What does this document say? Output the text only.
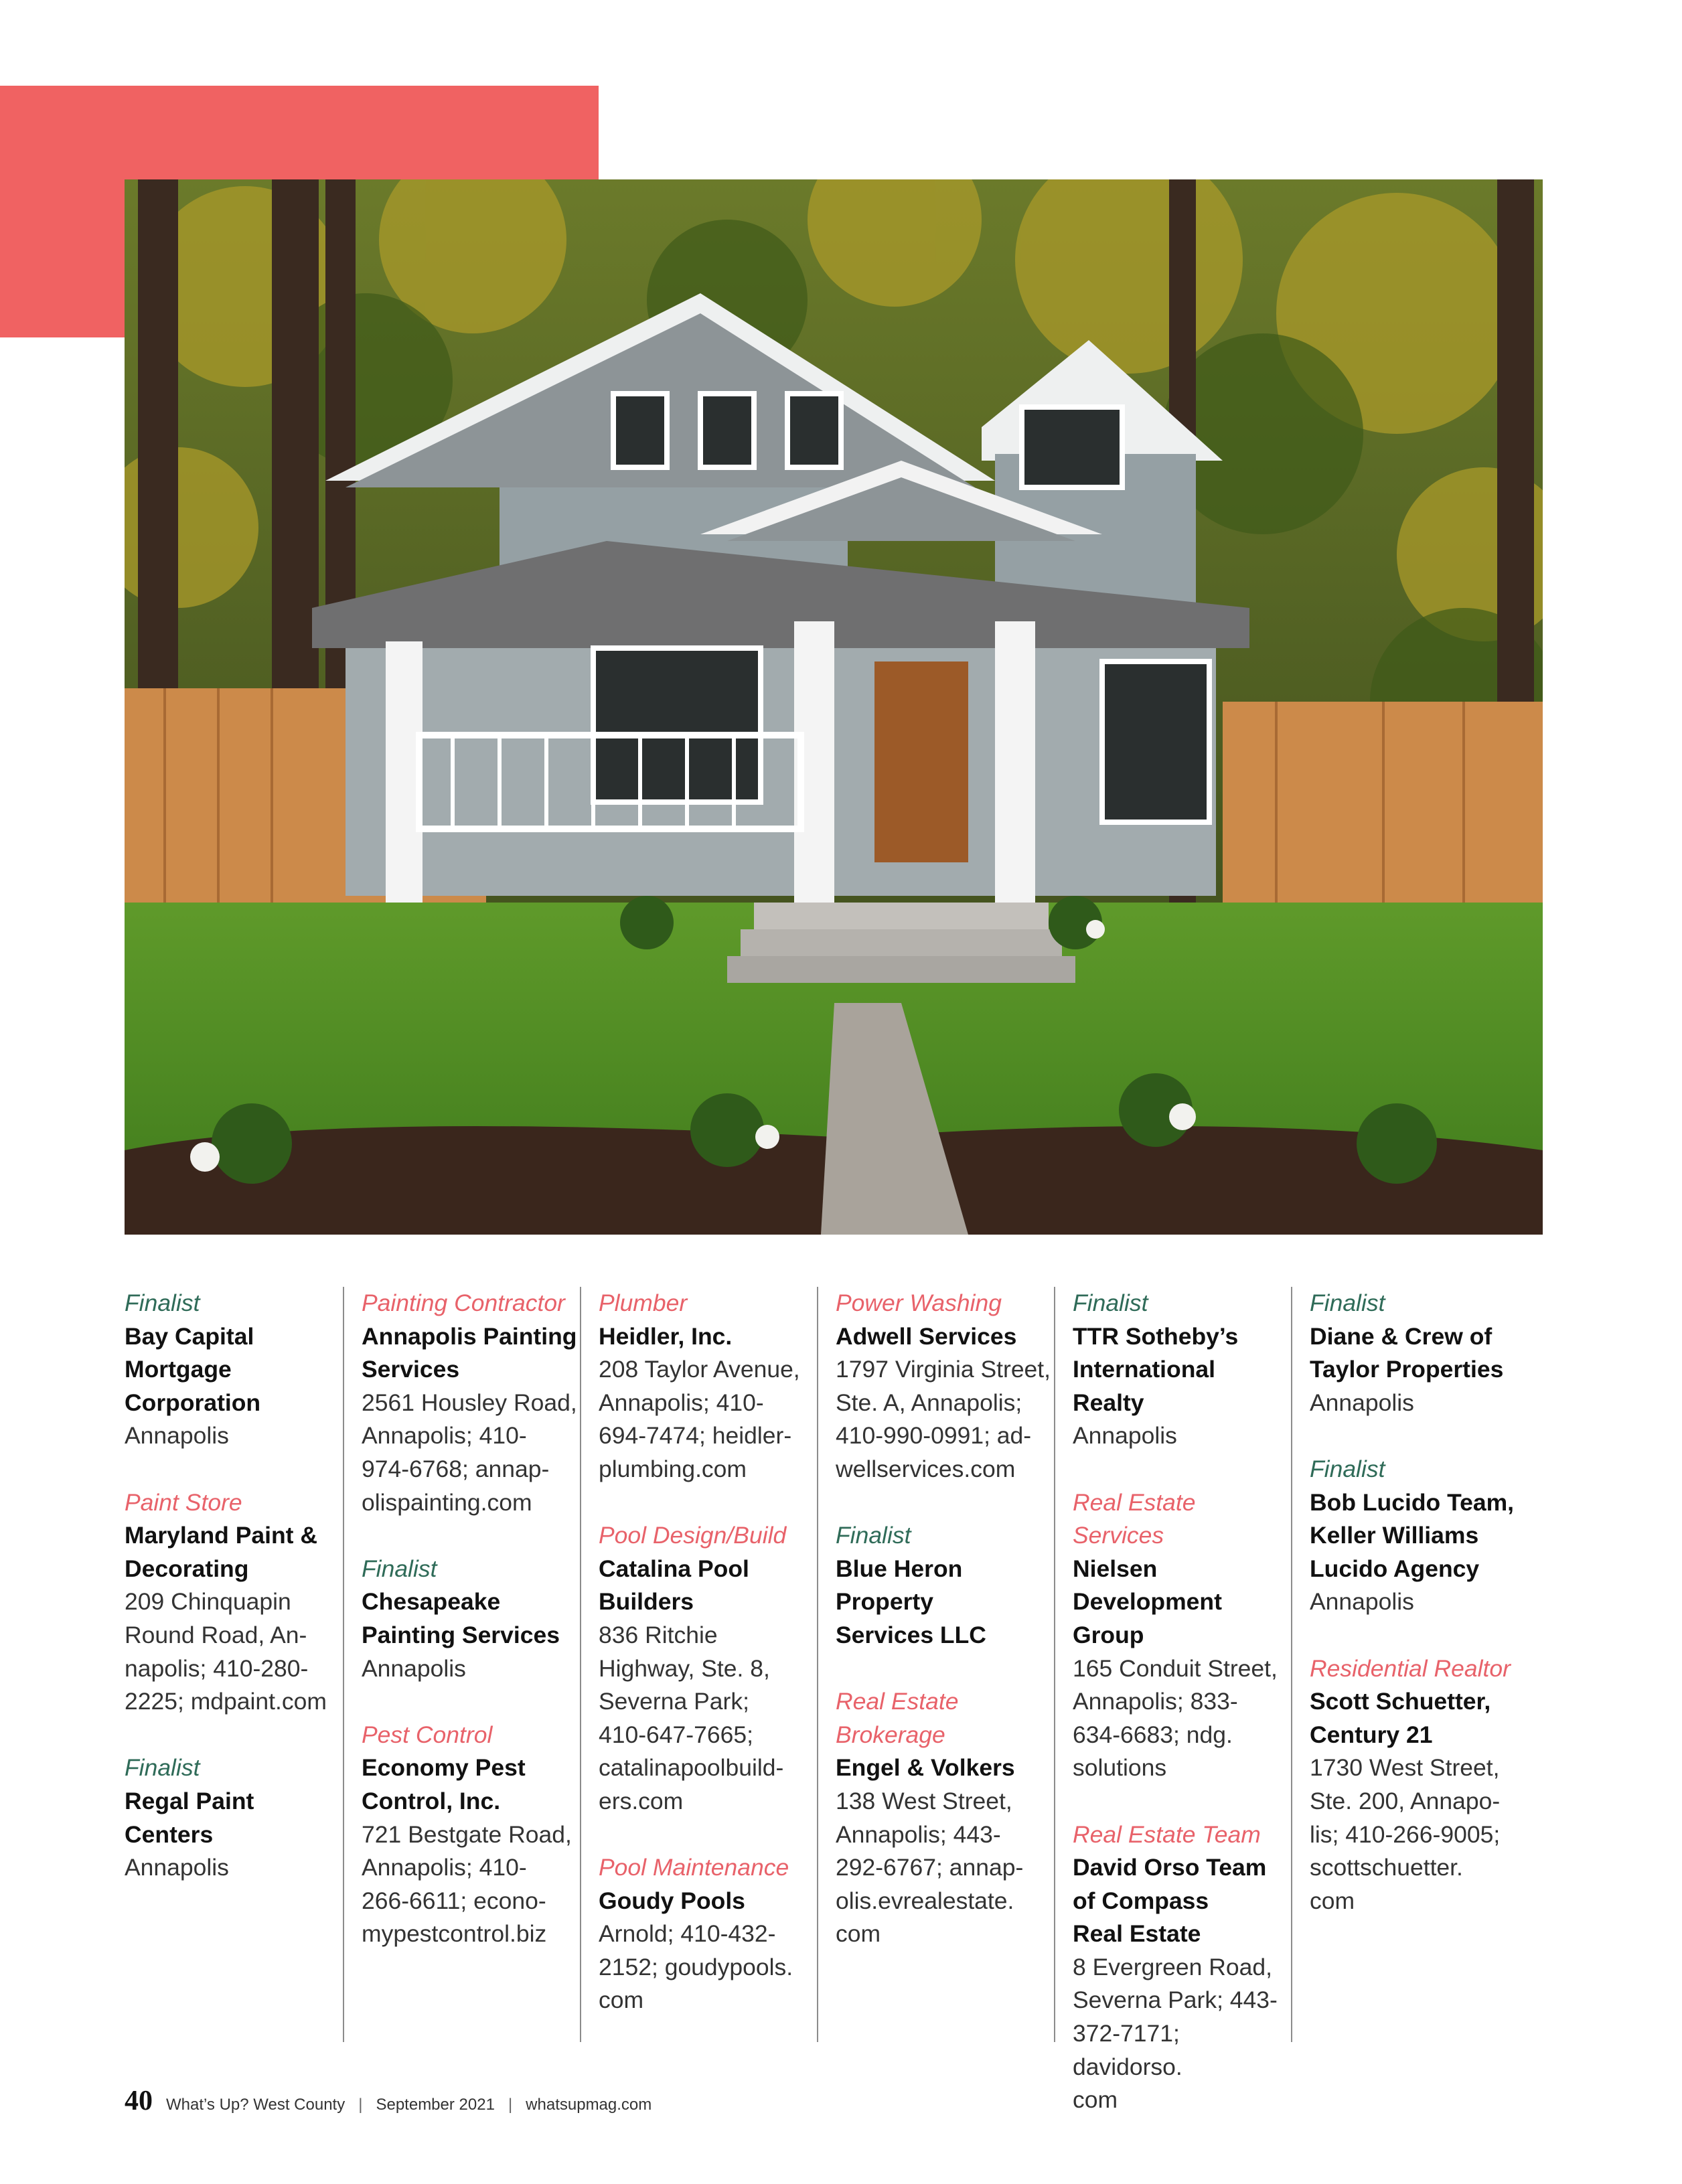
Finalist
Bay Capital
Mortgage
Corporation
Annapolis
Paint Store
Maryland Paint &
Decorating
209 Chinquapin
Round Road, An-
napolis; 410-280-
2225; mdpaint.com
Finalist
Regal Paint
Centers
Annapolis
Painting Contractor
Annapolis Painting
Services
2561 Housley Road,
Annapolis; 410-
974-6768; annap-
olispainting.com
Finalist
Chesapeake
Painting Services
Annapolis
Pest Control
Economy Pest
Control, Inc.
721 Bestgate Road,
Annapolis; 410-
266-6611; econo-
mypestcontrol.biz
Plumber
Heidler, Inc.
208 Taylor Avenue,
Annapolis; 410-
694-7474; heidler-
plumbing.com
Pool Design/Build
Catalina Pool
Builders
836 Ritchie
Highway, Ste. 8,
Severna Park;
410-647-7665;
catalinapoolbuild-
ers.com
Pool Maintenance
Goudy Pools
Arnold; 410-432-
2152; goudypools.
com
Power Washing
Adwell Services
1797 Virginia Street,
Ste. A, Annapolis;
410-990-0991; ad-
wellservices.com
Finalist
Blue Heron
Property
Services LLC
Real Estate
Brokerage
Engel & Volkers
138 West Street,
Annapolis; 443-
292-6767; annap-
olis.evrealestate.
com
Finalist
TTR Sotheby’s
International
Realty
Annapolis
Real Estate
Services
Nielsen
Development Group
165 Conduit Street,
Annapolis; 833-
634-6683; ndg.
solutions
Real Estate Team
David Orso Team
of Compass
Real Estate
8 Evergreen Road,
Severna Park; 443-
372-7171; davidorso.
com
Finalist
Diane & Crew of
Taylor Properties
Annapolis
Finalist
Bob Lucido Team,
Keller Williams
Lucido Agency
Annapolis
Residential Realtor
Scott Schuetter,
Century 21
1730 West Street,
Ste. 200, Annapo-
lis; 410-266-9005;
scottschuetter.
com
40 What’s Up? West County | September 2021 | whatsupmag.com
